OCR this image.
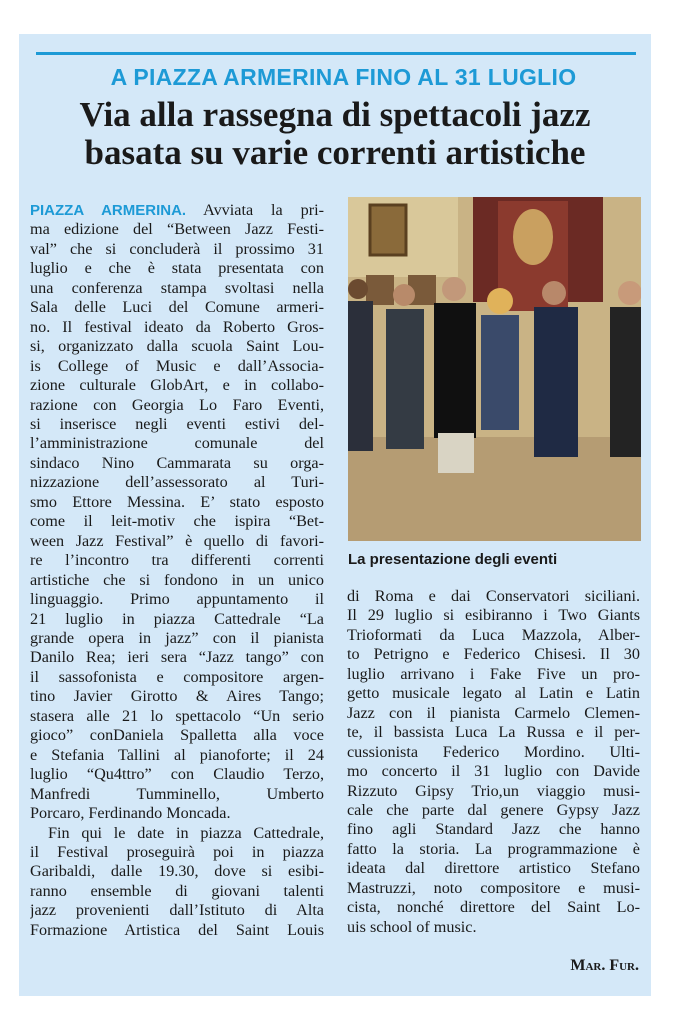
A PIAZZA ARMERINA FINO AL 31 LUGLIO
Via alla rassegna di spettacoli jazz
basata su varie correnti artistiche
PIAZZA ARMERINA. Avviata la pri-
ma edizione del “Between Jazz Festi-
val” che si concluderà il prossimo 31
luglio e che è stata presentata con
una conferenza stampa svoltasi nella
Sala delle Luci del Comune armeri-
no. Il festival ideato da Roberto Gros-
si, organizzato dalla scuola Saint Lou-
is College of Music e dall’Associa-
zione culturale GlobArt, e in collabo-
razione con Georgia Lo Faro Eventi,
si inserisce negli eventi estivi del-
l’amministrazione comunale del
sindaco Nino Cammarata su orga-
nizzazione dell’assessorato al Turi-
smo Ettore Messina. E’ stato esposto
come il leit-motiv che ispira “Bet-
ween Jazz Festival” è quello di favori-
re l’incontro tra differenti correnti
artistiche che si fondono in un unico
linguaggio. Primo appuntamento il
21 luglio in piazza Cattedrale “La
grande opera in jazz” con il pianista
Danilo Rea; ieri sera “Jazz tango” con
il sassofonista e compositore argen-
tino Javier Girotto & Aires Tango;
stasera alle 21 lo spettacolo “Un serio
gioco” conDaniela Spalletta alla voce
e Stefania Tallini al pianoforte; il 24
luglio “Qu4ttro” con Claudio Terzo,
Manfredi Tumminello, Umberto
Porcaro, Ferdinando Moncada.
Fin qui le date in piazza Cattedrale,
il Festival proseguirà poi in piazza
Garibaldi, dalle 19.30, dove si esibi-
ranno ensemble di giovani talenti
jazz provenienti dall’Istituto di Alta
Formazione Artistica del Saint Louis
La presentazione degli eventi
di Roma e dai Conservatori siciliani.
Il 29 luglio si esibiranno i Two Giants
Trioformati da Luca Mazzola, Alber-
to Petrigno e Federico Chisesi. Il 30
luglio arrivano i Fake Five un pro-
getto musicale legato al Latin e Latin
Jazz con il pianista Carmelo Clemen-
te, il bassista Luca La Russa e il per-
cussionista Federico Mordino. Ulti-
mo concerto il 31 luglio con Davide
Rizzuto Gipsy Trio,un viaggio musi-
cale che parte dal genere Gypsy Jazz
fino agli Standard Jazz che hanno
fatto la storia. La programmazione è
ideata dal direttore artistico Stefano
Mastruzzi, noto compositore e musi-
cista, nonché direttore del Saint Lo-
uis school of music.
Mar. Fur.
